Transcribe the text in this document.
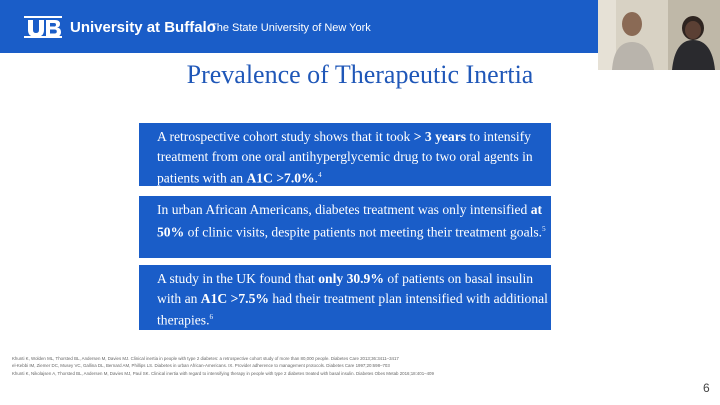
University at Buffalo
The State University of New York
Prevalence of Therapeutic Inertia

A retrospective cohort study shows that it took > 3 years to intensify treatment from one oral antihyperglycemic drug to two oral agents in patients with an A1C >7.0%.$^4$

In urban African Americans, diabetes treatment was only intensified at 50% of clinic visits, despite patients not meeting their treatment goals.$^5$

A study in the UK found that only 30.9% of patients on basal insulin with an A1C >7.5% had their treatment plan intensified with additional therapies.$^6$

Khunti K, Wolden ML, Thorsted BL, Andersen M, Davies MJ. Clinical inertia in people with type 2 diabetes: a retrospective cohort study of more than 80,000 people. Diabetes Care 2013;36:3411–3417
el-Kebbi IM, Ziemer DC, Musey VC, Gallina DL, Bernard AM, Phillips LS. Diabetes in urban African-Americans. IX. Provider adherence to management protocols. Diabetes Care 1997;20:698–703
Khunti K, Nikolajsen A, Thorsted BL, Andersen M, Davies MJ, Paul SK. Clinical inertia with regard to intensifying therapy in people with type 2 diabetes treated with basal insulin. Diabetes Obes Metab 2016;18:401–409
6
